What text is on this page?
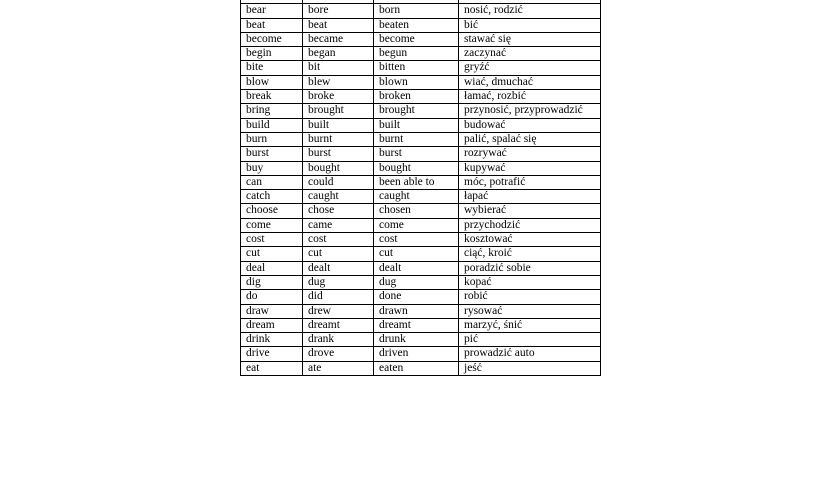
bear	bore	born	nosić, rodzić
beat	beat	beaten	bić
become	became	become	stawać się
begin	began	begun	zaczynać
bite	bit	bitten	gryźć
blow	blew	blown	wiać, dmuchać
break	broke	broken	łamać, rozbić
bring	brought	brought	przynosić, przyprowadzić
build	built	built	budować
burn	burnt	burnt	palić, spalać się
burst	burst	burst	rozrywać
buy	bought	bought	kupywać
can	could	been able to	móc, potrafić
catch	caught	caught	łapać
choose	chose	chosen	wybierać
come	came	come	przychodzić
cost	cost	cost	kosztować
cut	cut	cut	ciąć, kroić
deal	dealt	dealt	poradzić sobie
dig	dug	dug	kopać
do	did	done	robić
draw	drew	drawn	rysować
dream	dreamt	dreamt	marzyć, śnić
drink	drank	drunk	pić
drive	drove	driven	prowadzić auto
eat	ate	eaten	jeść
